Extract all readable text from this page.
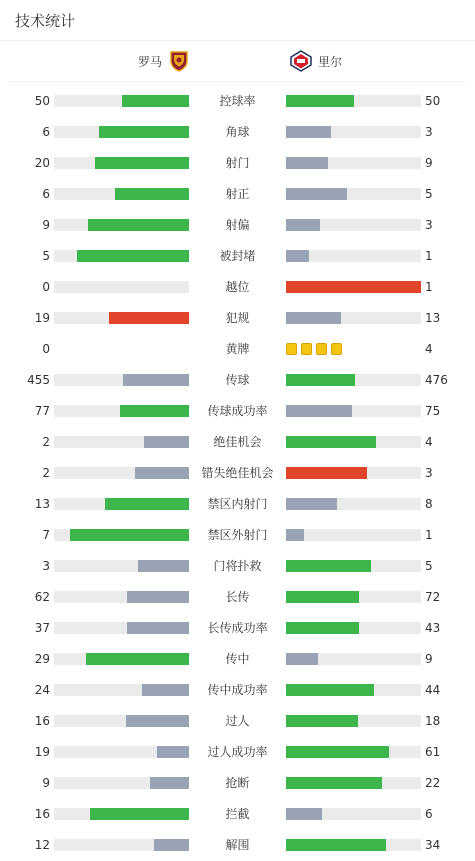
技术统计
罗马	里尔
50	控球率	50
6	角球	3
20	射门	9
6	射正	5
9	射偏	3
5	被封堵	1
0	越位	1
19	犯规	13
0	黄牌	4
455	传球	476
77	传球成功率	75
2	绝佳机会	4
2	错失绝佳机会	3
13	禁区内射门	8
7	禁区外射门	1
3	门将扑救	5
62	长传	72
37	长传成功率	43
29	传中	9
24	传中成功率	44
16	过人	18
19	过人成功率	61
9	抢断	22
16	拦截	6
12	解围	34
